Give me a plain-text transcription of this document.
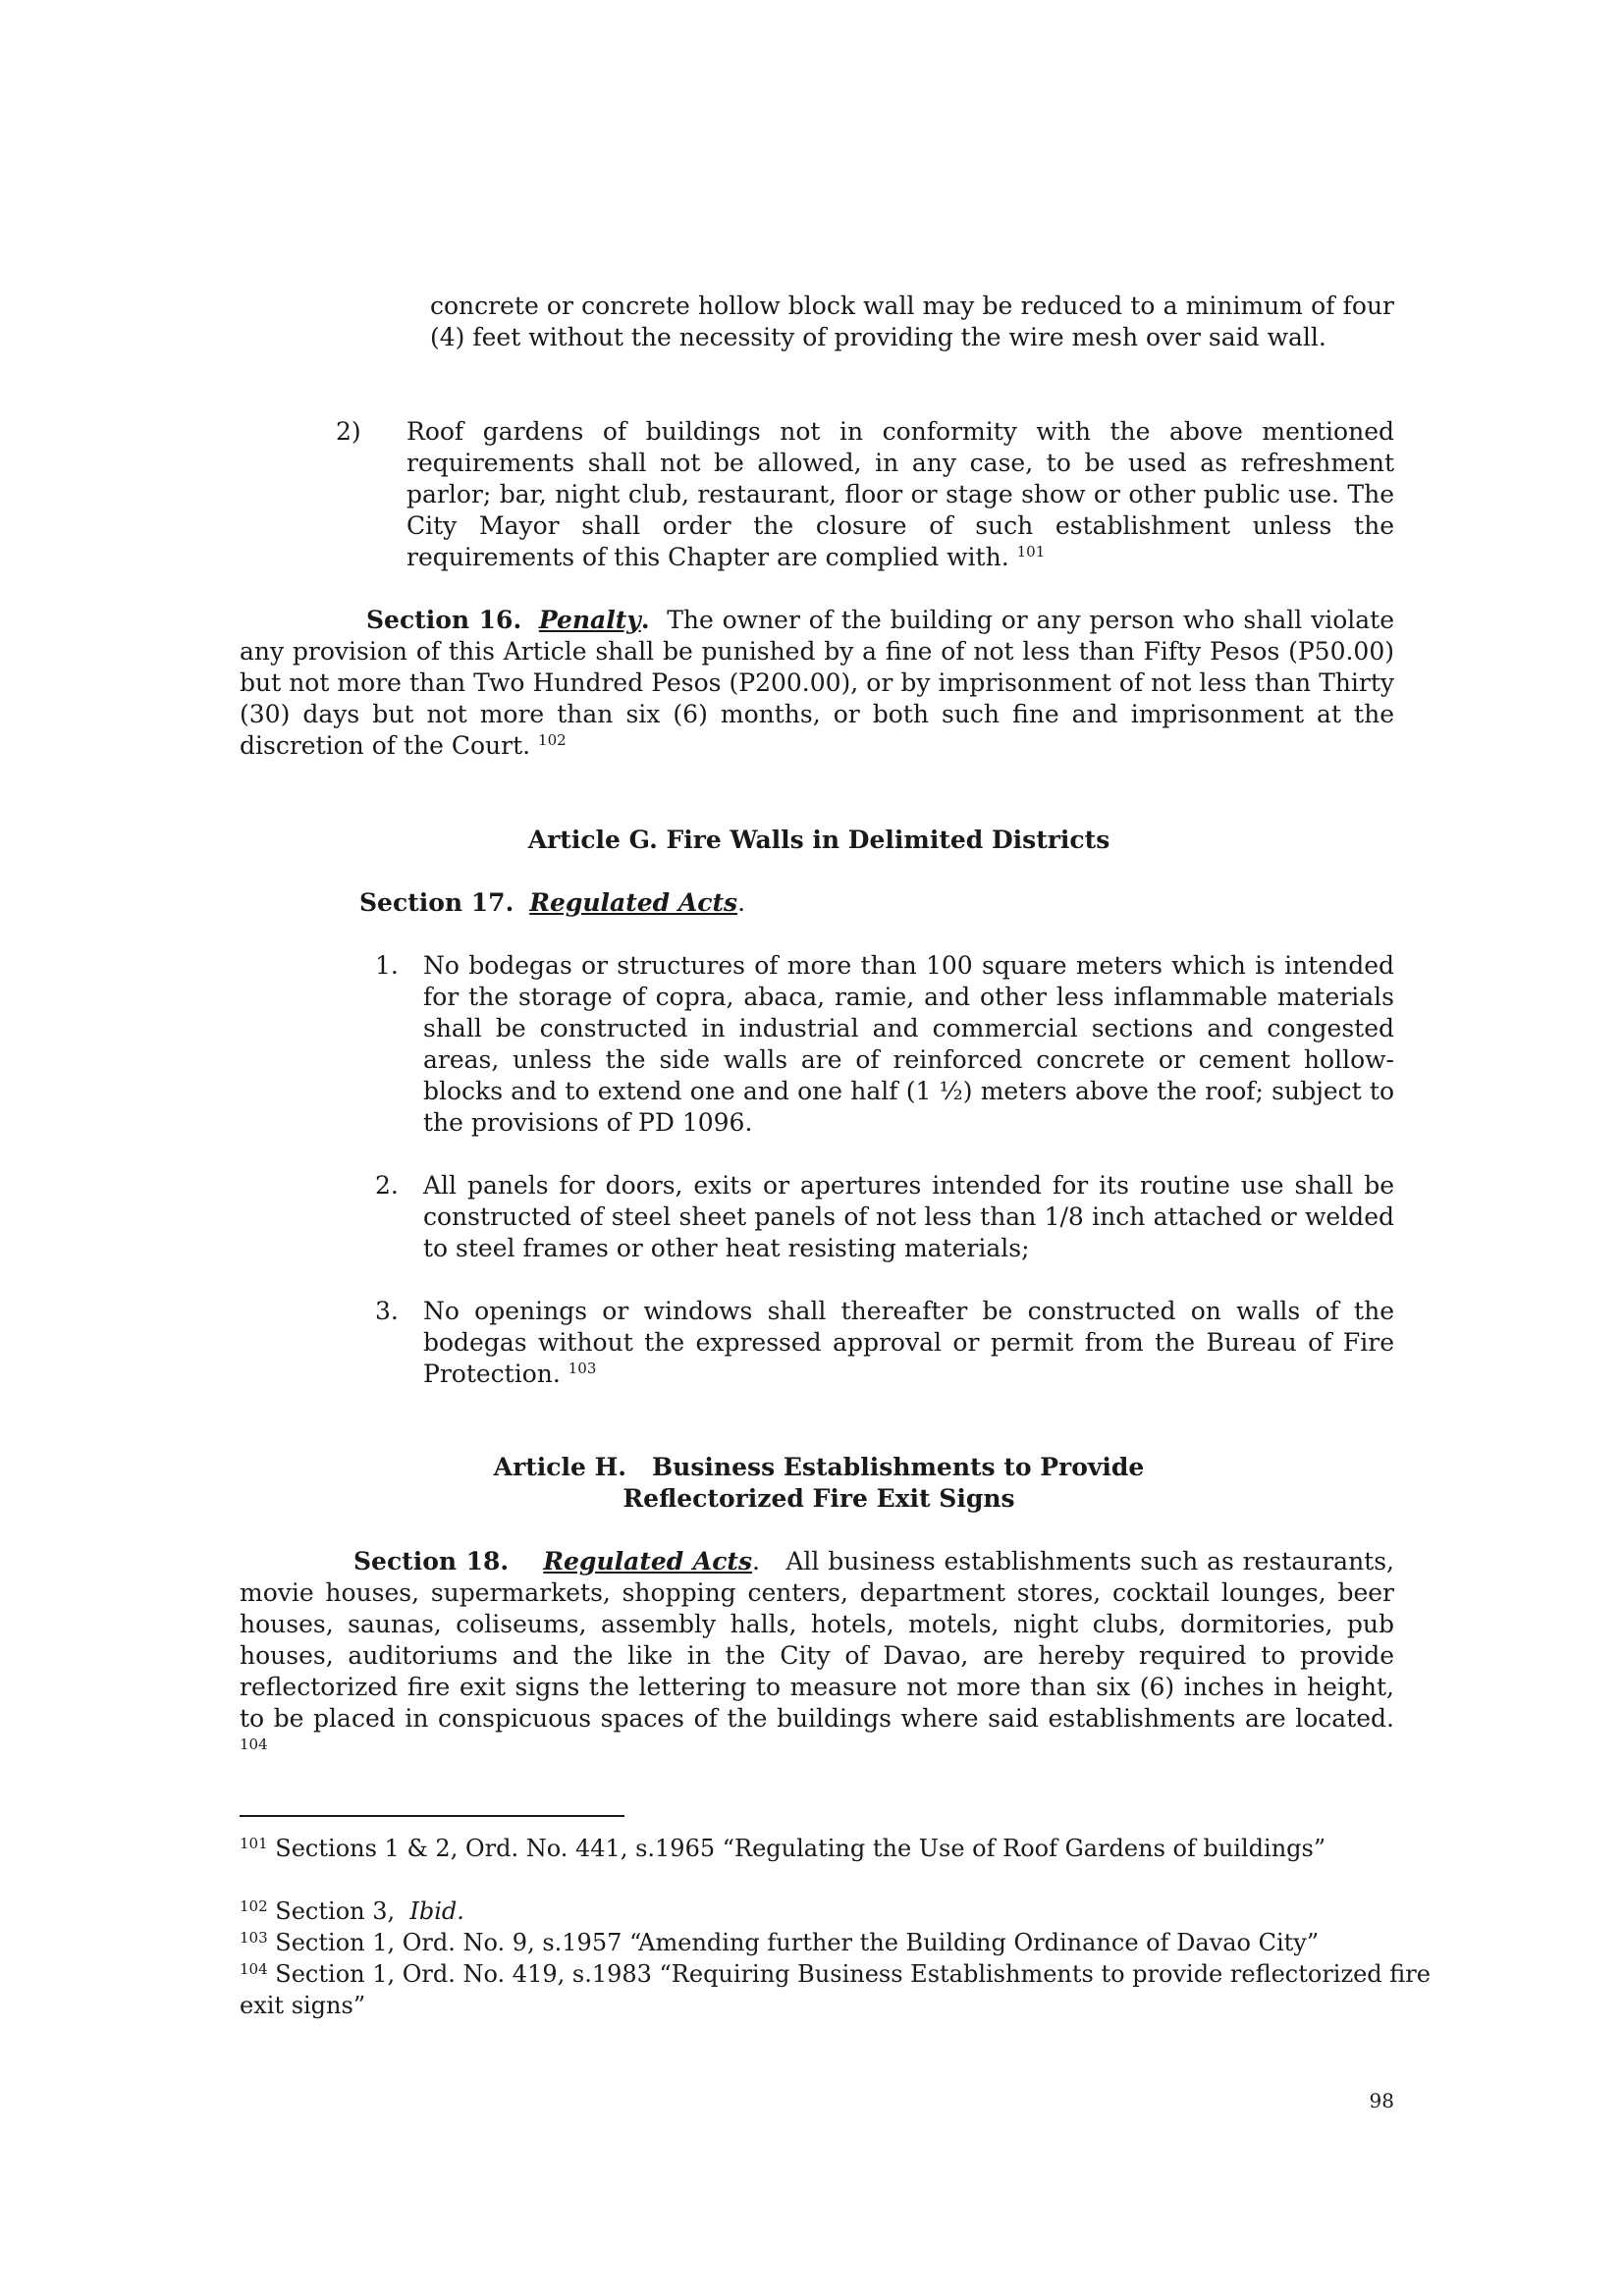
concrete or concrete hollow block wall may be reduced to a minimum of four (4) feet without the necessity of providing the wire mesh over said wall.

2) Roof gardens of buildings not in conformity with the above mentioned requirements shall not be allowed, in any case, to be used as refreshment parlor; bar, night club, restaurant, floor or stage show or other public use. The City Mayor shall order the closure of such establishment unless the requirements of this Chapter are complied with. $^{101}$

Section 16. Penalty. The owner of the building or any person who shall violate any provision of this Article shall be punished by a fine of not less than Fifty Pesos (P50.00) but not more than Two Hundred Pesos (P200.00), or by imprisonment of not less than Thirty (30) days but not more than six (6) months, or both such fine and imprisonment at the discretion of the Court. $^{102}$

Article G. Fire Walls in Delimited Districts

Section 17. Regulated Acts.

1. No bodegas or structures of more than 100 square meters which is intended for the storage of copra, abaca, ramie, and other less inflammable materials shall be constructed in industrial and commercial sections and congested areas, unless the side walls are of reinforced concrete or cement hollow-blocks and to extend one and one half (1 ½) meters above the roof; subject to the provisions of PD 1096.

2. All panels for doors, exits or apertures intended for its routine use shall be constructed of steel sheet panels of not less than 1/8 inch attached or welded to steel frames or other heat resisting materials;

3. No openings or windows shall thereafter be constructed on walls of the bodegas without the expressed approval or permit from the Bureau of Fire Protection. $^{103}$

Article H.   Business Establishments to Provide
Reflectorized Fire Exit Signs

Section 18. Regulated Acts. All business establishments such as restaurants, movie houses, supermarkets, shopping centers, department stores, cocktail lounges, beer houses, saunas, coliseums, assembly halls, hotels, motels, night clubs, dormitories, pub houses, auditoriums and the like in the City of Davao, are hereby required to provide reflectorized fire exit signs the lettering to measure not more than six (6) inches in height, to be placed in conspicuous spaces of the buildings where said establishments are located. $^{104}$

$^{101}$ Sections 1 & 2, Ord. No. 441, s.1965 “Regulating the Use of Roof Gardens of buildings”
$^{102}$ Section 3, Ibid.
$^{103}$ Section 1, Ord. No. 9, s.1957 “Amending further the Building Ordinance of Davao City”
$^{104}$ Section 1, Ord. No. 419, s.1983 “Requiring Business Establishments to provide reflectorized fire exit signs”
98
